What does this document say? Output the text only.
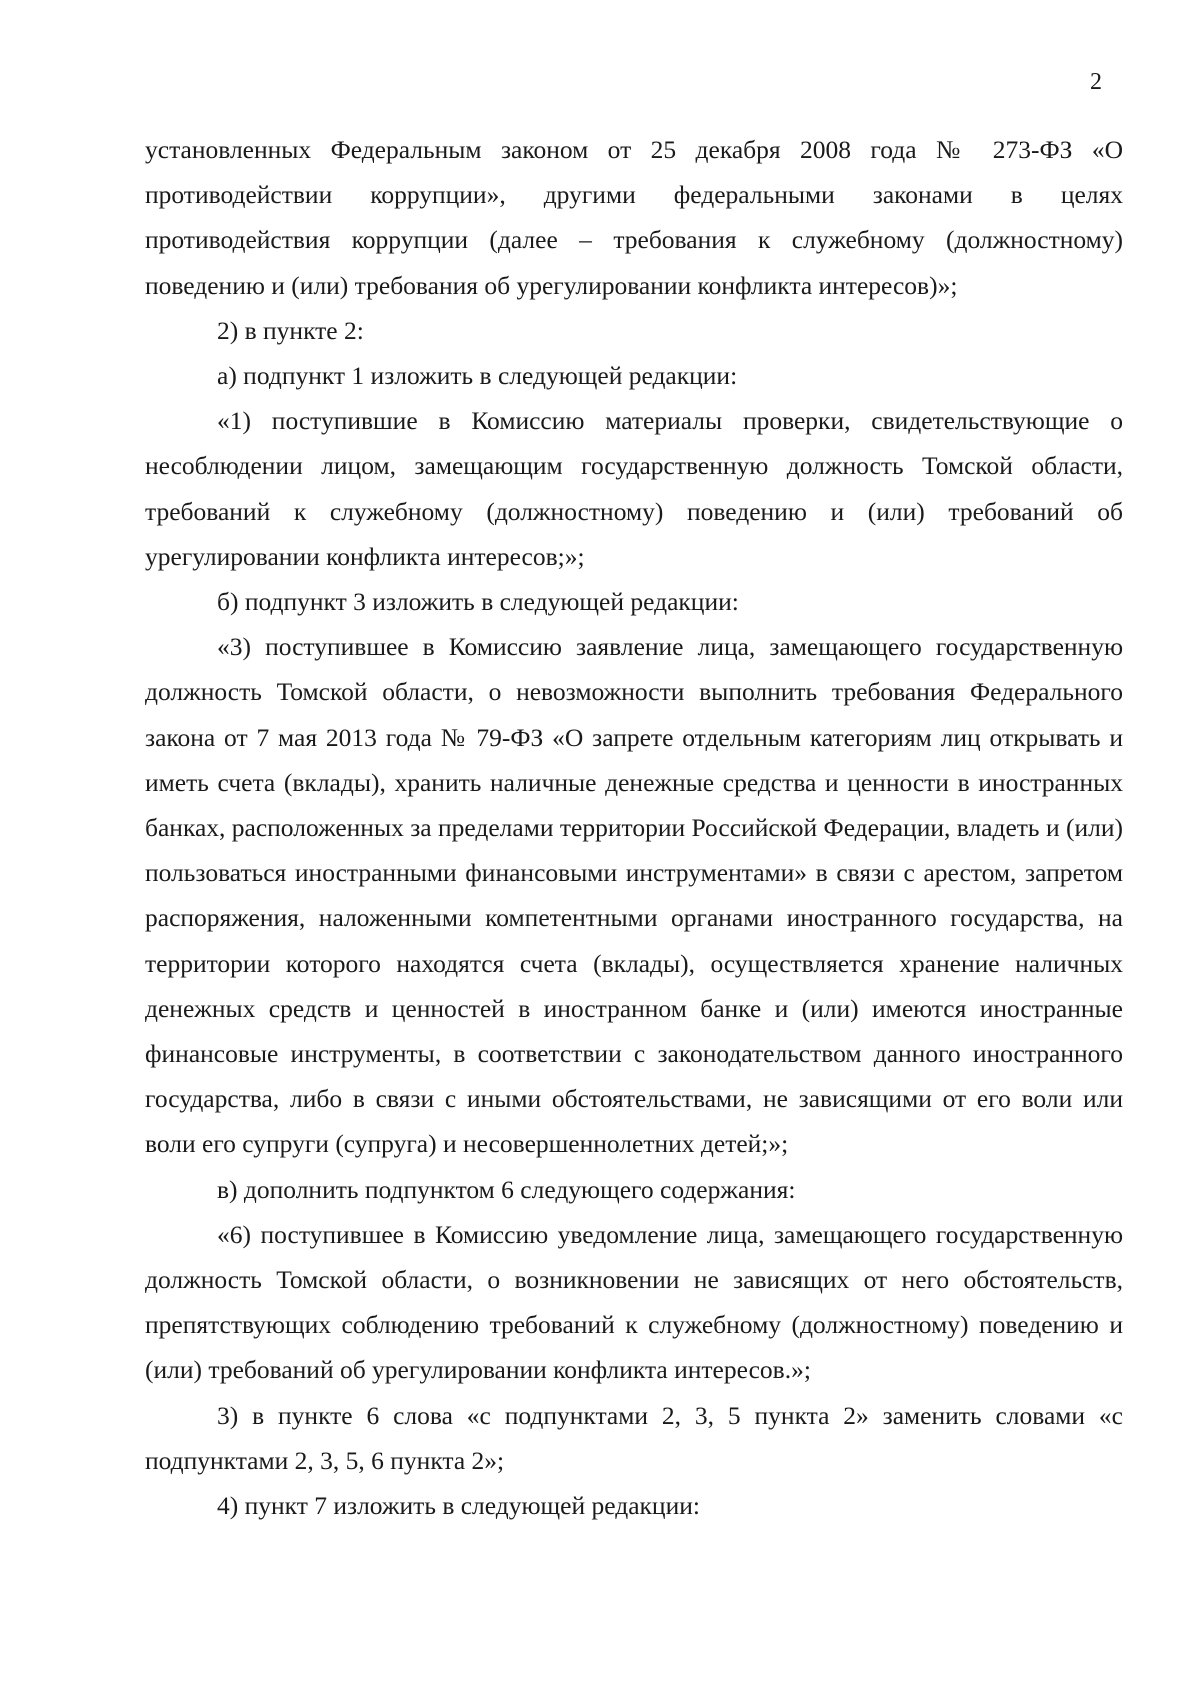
2

установленных Федеральным законом от 25 декабря 2008 года № 273-ФЗ «О противодействии коррупции», другими федеральными законами в целях противодействия коррупции (далее – требования к служебному (должностному) поведению и (или) требования об урегулировании конфликта интересов)»;

2) в пункте 2:

а) подпункт 1 изложить в следующей редакции:

«1) поступившие в Комиссию материалы проверки, свидетельствующие о несоблюдении лицом, замещающим государственную должность Томской области, требований к служебному (должностному) поведению и (или) требований об урегулировании конфликта интересов;»;

б) подпункт 3 изложить в следующей редакции:

«3) поступившее в Комиссию заявление лица, замещающего государственную должность Томской области, о невозможности выполнить требования Федерального закона от 7 мая 2013 года № 79-ФЗ «О запрете отдельным категориям лиц открывать и иметь счета (вклады), хранить наличные денежные средства и ценности в иностранных банках, расположенных за пределами территории Российской Федерации, владеть и (или) пользоваться иностранными финансовыми инструментами» в связи с арестом, запретом распоряжения, наложенными компетентными органами иностранного государства, на территории которого находятся счета (вклады), осуществляется хранение наличных денежных средств и ценностей в иностранном банке и (или) имеются иностранные финансовые инструменты, в соответствии с законодательством данного иностранного государства, либо в связи с иными обстоятельствами, не зависящими от его воли или воли его супруги (супруга) и несовершеннолетних детей;»;

в) дополнить подпунктом 6 следующего содержания:

«6) поступившее в Комиссию уведомление лица, замещающего государственную должность Томской области, о возникновении не зависящих от него обстоятельств, препятствующих соблюдению требований к служебному (должностному) поведению и (или) требований об урегулировании конфликта интересов.»;

3) в пункте 6 слова «с подпунктами 2, 3, 5 пункта 2» заменить словами «с подпунктами 2, 3, 5, 6 пункта 2»;

4) пункт 7 изложить в следующей редакции:
